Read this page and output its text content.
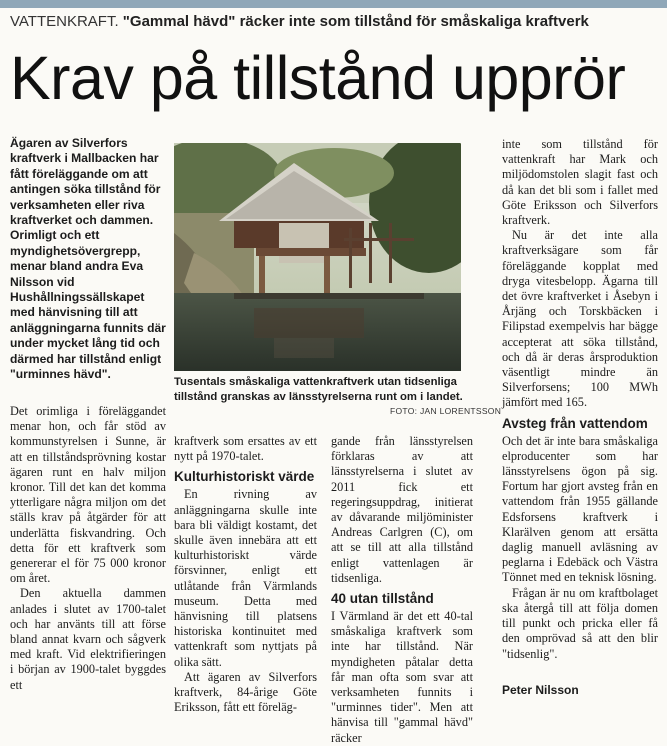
VATTENKRAFT. "Gammal hävd" räcker inte som tillstånd för småskaliga kraftverk
Krav på tillstånd upprör
Ägaren av Silverfors kraftverk i Mallbacken har fått föreläggande om att antingen söka tillstånd för verksamheten eller riva kraftverket och dammen. Orimligt och ett myndighetsövergrepp, menar bland andra Eva Nilsson vid Hushållningssällskapet med hänvisning till att anläggningarna funnits där under mycket lång tid och därmed har tillstånd enligt "urminnes hävd".
Tusentals småskaliga vattenkraftverk utan tidsenliga tillstånd granskas av länsstyrelserna runt om i landet.
FOTO: JAN LORENTSSON

Det orimliga i föreläggandet menar hon, och får stöd av kommunstyrelsen i Sunne, är att en tillståndsprövning kostar ägaren runt en halv miljon kronor. Till det kan det komma ytterligare några miljon om det ställs krav på åtgärder för att underlätta fiskvandring. Och detta för ett kraftverk som genererar el för 75 000 kronor om året.

Den aktuella dammen anlades i slutet av 1700-talet och har använts till att förse bland annat kvarn och sågverk med kraft. Vid elektrifieringen i början av 1900-talet byggdes ett

kraftverk som ersattes av ett nytt på 1970-talet.

Kulturhistoriskt värde

En rivning av anläggningarna skulle inte bara bli väldigt kostamt, det skulle även innebära att ett kulturhistoriskt värde försvinner, enligt ett utlåtande från Värmlands museum. Detta med hänvisning till platsens historiska kontinuitet med vattenkraft som nyttjats på olika sätt.

Att ägaren av Silverfors kraftverk, 84-årige Göte Eriksson, fått ett föreläg-

gande från länsstyrelsen förklaras av att länsstyrelserna i slutet av 2011 fick ett regeringsuppdrag, initierat av dåvarande miljöminister Andreas Carlgren (C), om att se till att alla tillstånd enligt vattenlagen är tidsenliga.

40 utan tillstånd

I Värmland är det ett 40-tal småskaliga kraftverk som inte har tillstånd. När myndigheten påtalar detta får man ofta som svar att verksamheten funnits i "urminnes tider". Men att hänvisa till "gammal hävd" räcker

inte som tillstånd för vattenkraft har Mark och miljödomstolen slagit fast och då kan det bli som i fallet med Göte Eriksson och Silverfors kraftverk.

Nu är det inte alla kraftverksägare som får föreläggande kopplat med dryga vitesbelopp. Ägarna till det övre kraftverket i Åsebyn i Årjäng och Torskbäcken i Filipstad exempelvis har bägge accepterat att söka tillstånd, och då är deras årsproduktion väsentligt mindre än Silverforsens; 100 MWh jämfört med 165.

Avsteg från vattendom

Och det är inte bara småskaliga elproducenter som har länsstyrelsens ögon på sig. Fortum har gjort avsteg från en vattendom från 1955 gällande Edsforsens kraftverk i Klarälven genom att ersätta daglig manuell avläsning av peglarna i Edebäck och Västra Tönnet med en teknisk lösning.

Frågan är nu om kraftbolaget ska återgå till att följa domen till punkt och pricka eller få den omprövad så att den blir "tidsenlig".

Peter Nilsson
